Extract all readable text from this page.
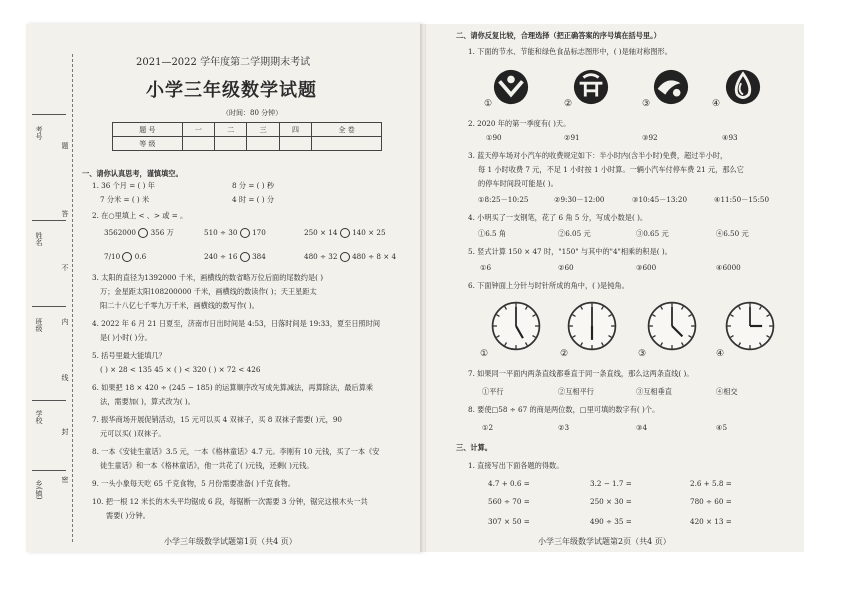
考号
姓名
班级
学校
乡(镇)
题
答
不
内
线
封
密
2021—2022 学年度第二学期期末考试
小学三年级数学试题
（时间：80 分钟）
题 号	一	二	三	四	全 卷
等 级					
一、请你认真思考，谨慎填空。
1. 36 个月 = ( ) 年	8 分 = ( ) 秒
7 分米 = ( ) 米	4 时 = ( ) 分
2. 在○里填上 < 、> 或 = 。
3562000 356 万	510 ÷ 30 170	250 × 14 140 × 25
7/10 0.6	240 ÷ 16 384	480 ÷ 32 480 ÷ 8 × 4
3. 太阳的直径为1392000 千米，画横线的数省略万位后面的尾数约是( )
万；金星距太阳108200000 千米，画横线的数读作( )；天王星距太
阳二十八亿七千零九万千米，画横线的数写作( )。
4. 2022 年 6 月 21 日夏至，济南市日出时间是 4:53，日落时间是 19:33，夏至日照时间
是( )小时( )分。
5. 括号里最大能填几？
( ) × 28 < 135 45 × ( ) < 320 ( ) × 72 < 426
6. 如果把 18 × 420 ÷ (245 − 185) 的运算顺序改写成先算减法，再算除法，最后算乘
法，需要加( )，算式改为( )。
7. 振华商场开展促销活动，15 元可以买 4 双袜子，买 8 双袜子需要( )元，90
元可以买( )双袜子。
8. 一本《安徒生童话》3.5 元，一本《格林童话》4.7 元。李刚有 10 元钱，买了一本《安
徒生童话》和一本《格林童话》，他一共花了( )元钱，还剩( )元钱。
9. 一头小象每天吃 65 千克食物，5 月份需要准备( )千克食物。
10. 把一根 12 米长的木头平均锯成 6 段，每锯断一次需要 3 分钟，锯完这根木头一共
需要( )分钟。
小学三年级数学试题第1页（共4 页）
二、请你反复比较，合理选择（把正确答案的序号填在括号里。）
1. 下面的节水、节能和绿色食品标志图形中，( )是轴对称图形。
①	②	③	④
2. 2020 年的第一季度有( )天。
①90	②91	③92	④93
3. 蓝天停车场对小汽车的收费规定如下：半小时内(含半小时)免费，超过半小时，
每 1 小时收费 7 元，不足 1 小时按 1 小时算。一辆小汽车付停车费 21 元，那么它
的停车时间段可能是( )。
①8:25－10:25	②9:30－12:00	③10:45－13:20	④11:50－15:50
4. 小明买了一支钢笔，花了 6 角 5 分，写成小数是( )。
①6.5 角	②6.05 元	③0.65 元	④6.50 元
5. 竖式计算 150 × 47 时，"150" 与其中的"4"相乘的积是( )。
①6	②60	③600	④6000
6. 下面钟面上分针与时针所成的角中，( )是钝角。
①	②	③	④
7. 如果同一平面内两条直线都垂直于同一条直线，那么这两条直线( )。
①平行	②互相平行	③互相垂直	④相交
8. 要使□58 ÷ 67 的商是两位数，□里可填的数字有( )个。
①2	②3	③4	④5
三、计算。
1. 直接写出下面各题的得数。
4.7 + 0.6 =	3.2 − 1.7 =	2.6 + 5.8 =
560 ÷ 70 =	250 × 30 =	780 ÷ 60 =
307 × 50 =	490 ÷ 35 =	420 × 13 =
小学三年级数学试题第2页（共4 页）
